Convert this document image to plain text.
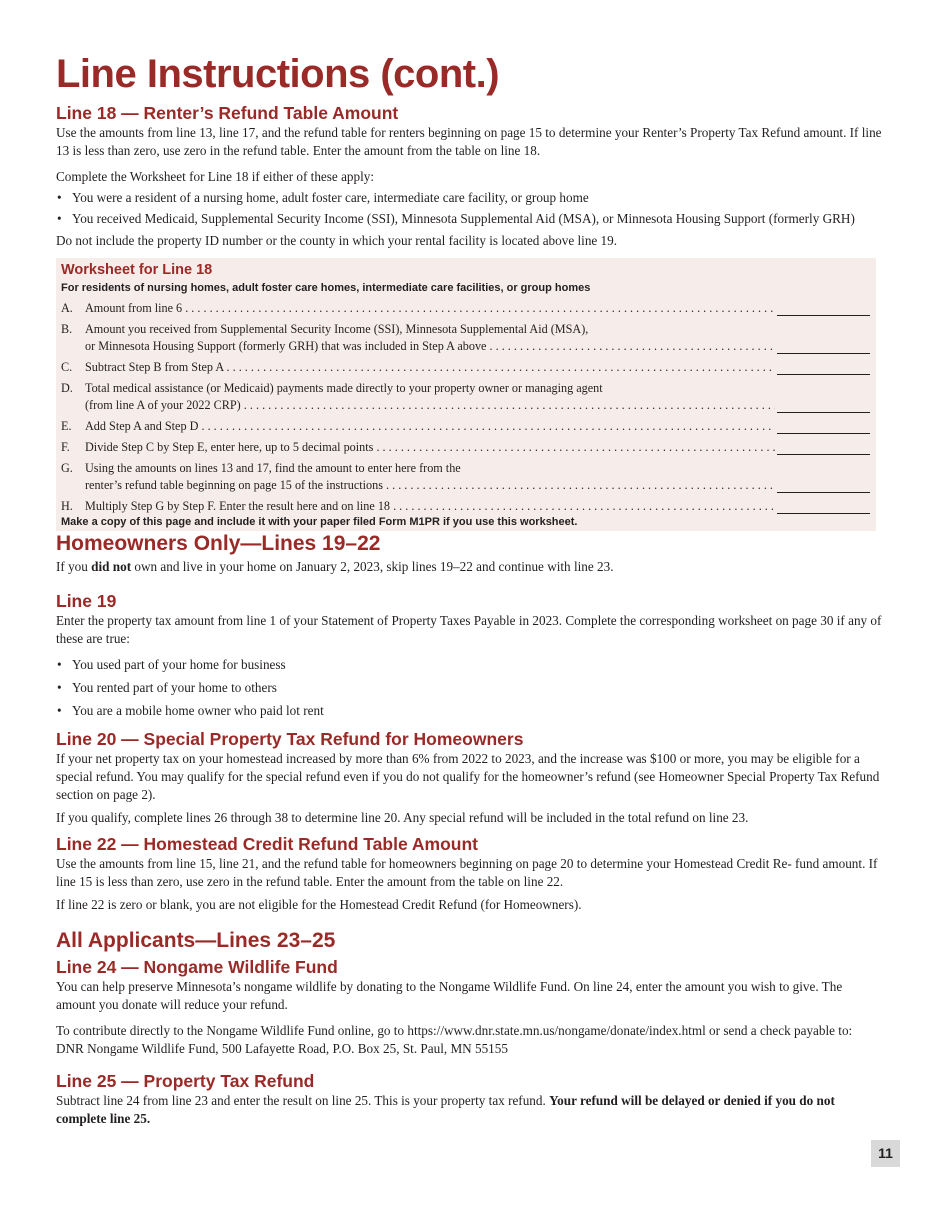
Line Instructions (cont.)
Line 18 — Renter’s Refund Table Amount

Use the amounts from line 13, line 17, and the refund table for renters beginning on page 15 to determine your Renter’s Property Tax Refund amount. If line 13 is less than zero, use zero in the refund table. Enter the amount from the table on line 18.

Complete the Worksheet for Line 18 if either of these apply:

• You were a resident of a nursing home, adult foster care, intermediate care facility, or group home
• You received Medicaid, Supplemental Security Income (SSI), Minnesota Supplemental Aid (MSA), or Minnesota Housing Support (formerly GRH)

Do not include the property ID number or the county in which your rental facility is located above line 19.

Worksheet for Line 18
For residents of nursing homes, adult foster care homes, intermediate care facilities, or group homes
A. Amount from line 6 . . .
B.	Amount you received from Supplemental Security Income (SSI), Minnesota Supplemental Aid (MSA),
or Minnesota Housing Support (formerly GRH) that was included in Step A above . . .
C.	Subtract Step B from Step A . . .
D. Total medical assistance (or Medicaid) payments made directly to your property owner or managing agent
(from line A of your 2022 CRP) . . .
E.	Add Step A and Step D . . .
F.	Divide Step C by Step E, enter here, up to 5 decimal points . . .
G. Using the amounts on lines 13 and 17, find the amount to enter here from the
renter’s refund table beginning on page 15 of the instructions . . .
H. Multiply Step G by Step F. Enter the result here and on line 18 . . .
Make a copy of this page and include it with your paper filed Form M1PR if you use this worksheet.
Homeowners Only—Lines 19–22

If you did not own and live in your home on January 2, 2023, skip lines 19–22 and continue with line 23.

Line 19

Enter the property tax amount from line 1 of your Statement of Property Taxes Payable in 2023. Complete the corresponding worksheet on page 30 if any of these are true:

• You used part of your home for business
• You rented part of your home to others
• You are a mobile home owner who paid lot rent
Line 20 — Special Property Tax Refund for Homeowners

If your net property tax on your homestead increased by more than 6% from 2022 to 2023, and the increase was $100 or more, you may be eligible for a special refund. You may qualify for the special refund even if you do not qualify for the homeowner’s refund (see Homeowner Special Property Tax Refund section on page 2).

If you qualify, complete lines 26 through 38 to determine line 20. Any special refund will be included in the total refund on line 23.

Line 22 — Homestead Credit Refund Table Amount

Use the amounts from line 15, line 21, and the refund table for homeowners beginning on page 20 to determine your Homestead Credit Re- fund amount. If line 15 is less than zero, use zero in the refund table. Enter the amount from the table on line 22.

If line 22 is zero or blank, you are not eligible for the Homestead Credit Refund (for Homeowners).

All Applicants—Lines 23–25
Line 24 — Nongame Wildlife Fund

You can help preserve Minnesota’s nongame wildlife by donating to the Nongame Wildlife Fund. On line 24, enter the amount you wish to give. The amount you donate will reduce your refund.

To contribute directly to the Nongame Wildlife Fund online, go to https://www.dnr.state.mn.us/nongame/donate/index.html or send a check payable to: DNR Nongame Wildlife Fund, 500 Lafayette Road, P.O. Box 25, St. Paul, MN 55155

Line 25 — Property Tax Refund

Subtract line 24 from line 23 and enter the result on line 25. This is your property tax refund. Your refund will be delayed or denied if you do not complete line 25.

11
